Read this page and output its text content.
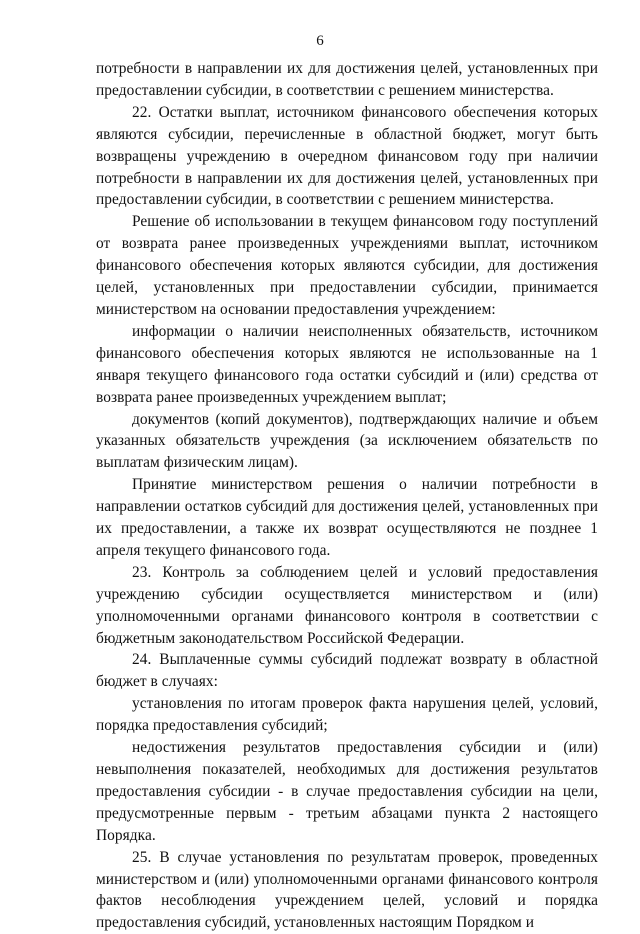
6

потребности в направлении их для достижения целей, установленных при предоставлении субсидии, в соответствии с решением министерства.

22. Остатки выплат, источником финансового обеспечения которых являются субсидии, перечисленные в областной бюджет, могут быть возвращены учреждению в очередном финансовом году при наличии потребности в направлении их для достижения целей, установленных при предоставлении субсидии, в соответствии с решением министерства.

Решение об использовании в текущем финансовом году поступлений от возврата ранее произведенных учреждениями выплат, источником финансового обеспечения которых являются субсидии, для достижения целей, установленных при предоставлении субсидии, принимается министерством на основании предоставления учреждением:

информации о наличии неисполненных обязательств, источником финансового обеспечения которых являются не использованные на 1 января текущего финансового года остатки субсидий и (или) средства от возврата ранее произведенных учреждением выплат;

документов (копий документов), подтверждающих наличие и объем указанных обязательств учреждения (за исключением обязательств по выплатам физическим лицам).

Принятие министерством решения о наличии потребности в направлении остатков субсидий для достижения целей, установленных при их предоставлении, а также их возврат осуществляются не позднее 1 апреля текущего финансового года.

23. Контроль за соблюдением целей и условий предоставления учреждению субсидии осуществляется министерством и (или) уполномоченными органами финансового контроля в соответствии с бюджетным законодательством Российской Федерации.

24. Выплаченные суммы субсидий подлежат возврату в областной бюджет в случаях:

установления по итогам проверок факта нарушения целей, условий, порядка предоставления субсидий;

недостижения результатов предоставления субсидии и (или) невыполнения показателей, необходимых для достижения результатов предоставления субсидии - в случае предоставления субсидии на цели, предусмотренные первым - третьим абзацами пункта 2 настоящего Порядка.

25. В случае установления по результатам проверок, проведенных министерством и (или) уполномоченными органами финансового контроля фактов несоблюдения учреждением целей, условий и порядка предоставления субсидий, установленных настоящим Порядком и
